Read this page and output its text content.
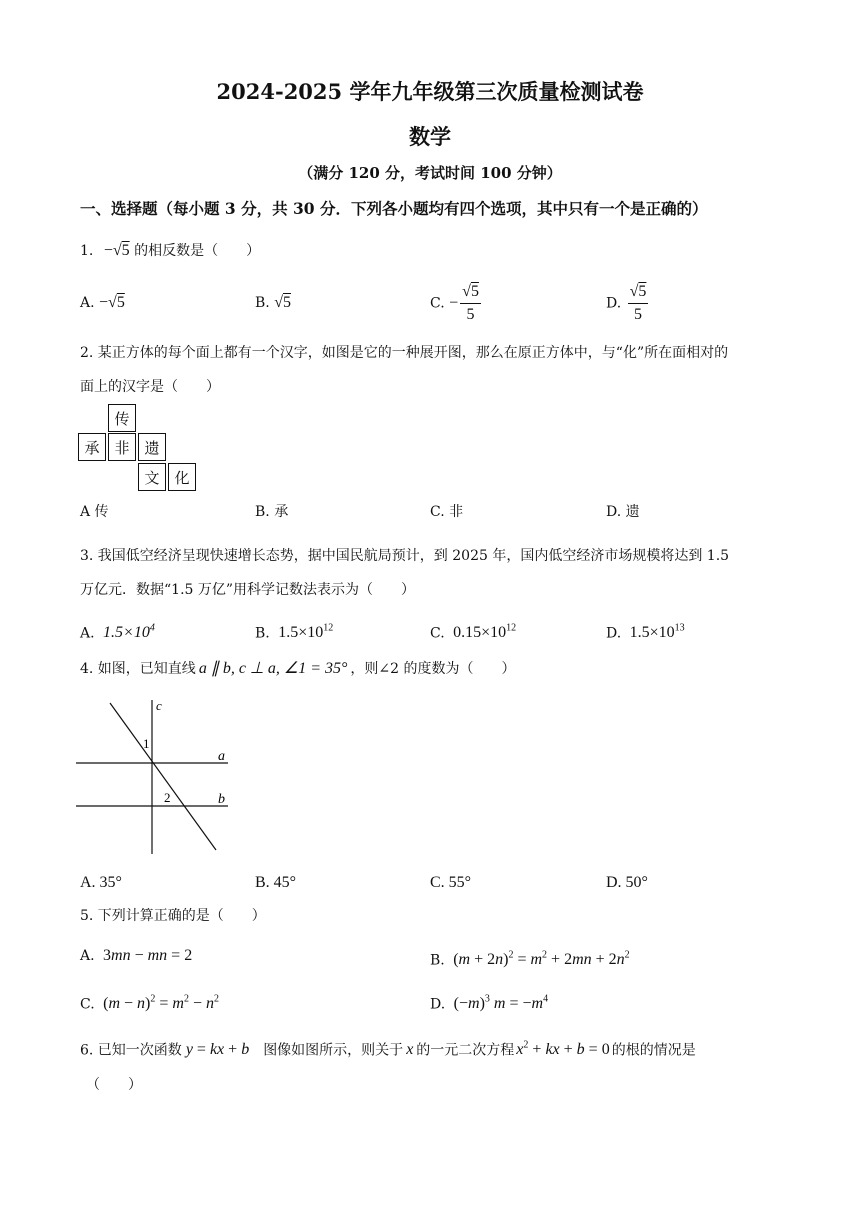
2024-2025 学年九年级第三次质量检测试卷
数学
（满分 120 分，考试时间 100 分钟）
一、选择题（每小题 3 分，共 30 分．下列各小题均有四个选项，其中只有一个是正确的）
1. −√5 的相反数是（　　）
A. −√5	B. √5	C. − $\frac{√5}{5}$	D. $\frac{√5}{5}$
2. 某正方体的每个面上都有一个汉字，如图是它的一种展开图，那么在原正方体中，与“化”所在面相对的
面上的汉字是（　　）
传
承 非 遗
文 化
A 传	B. 承	C. 非	D. 遗
3. 我国低空经济呈现快速增长态势，据中国民航局预计，到 2025 年，国内低空经济市场规模将达到 1.5
万亿元．数据“1.5 万亿”用科学记数法表示为（　　）
A. $1.5\times 10^4$	B. $1.5\times 10^{12}$	C. $0.15\times 10^{12}$	D. $1.5\times 10^{13}$
4. 如图，已知直线 a ∥ b, c ⊥ a, ∠1 = 35° ，则∠2 的度数为（　　）
c
1
a
2	b
A. 35°	B. 45°	C. 55°	D. 50°
5. 下列计算正确的是（　　）
A. 3mn − mn = 2	B. $(m + 2n)^2 = m^2 + 2mn + 2n^2$
C. $(m - n)^2 = m^2 - n^2$	D. $(-m)^3$ $m = -m^4$
6. 已知一次函数 y = kx + b 图像如图所示，则关于 x 的一元二次方程 $x^2$ + kx + b = 0 的根的情况是
（　　）
